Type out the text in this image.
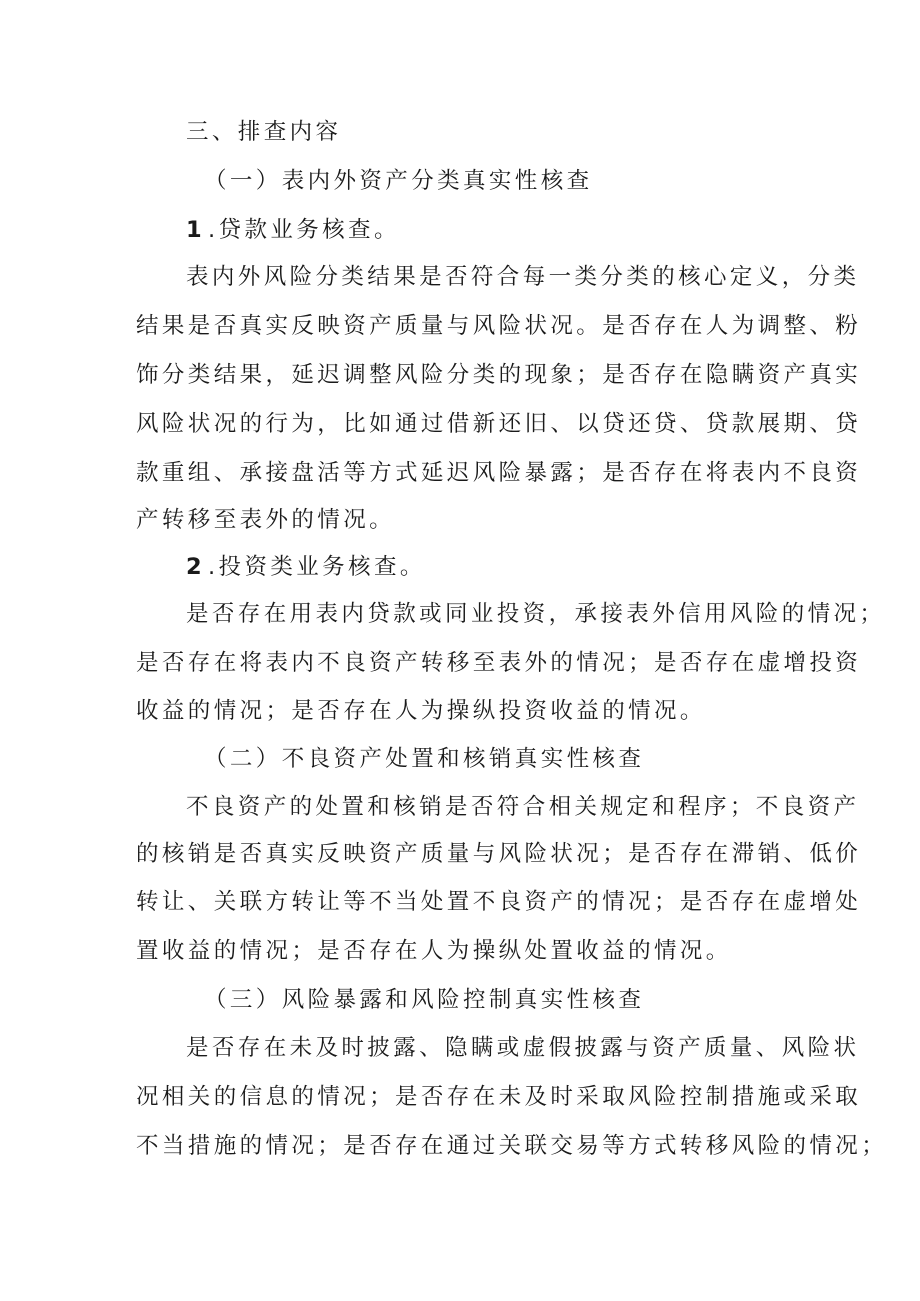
三、排查内容
（一）表内外资产分类真实性核查
1 .贷款业务核查。
表内外风险分类结果是否符合每一类分类的核心定义，分类
结果是否真实反映资产质量与风险状况。是否存在人为调整、粉
饰分类结果，延迟调整风险分类的现象；是否存在隐瞒资产真实
风险状况的行为，比如通过借新还旧、以贷还贷、贷款展期、贷
款重组、承接盘活等方式延迟风险暴露；是否存在将表内不良资
产转移至表外的情况。
2 .投资类业务核查。
是否存在用表内贷款或同业投资，承接表外信用风险的情况；
是否存在将表内不良资产转移至表外的情况；是否存在虚增投资
收益的情况；是否存在人为操纵投资收益的情况。
（二）不良资产处置和核销真实性核查
不良资产的处置和核销是否符合相关规定和程序；不良资产
的核销是否真实反映资产质量与风险状况；是否存在滞销、低价
转让、关联方转让等不当处置不良资产的情况；是否存在虚增处
置收益的情况；是否存在人为操纵处置收益的情况。
（三）风险暴露和风险控制真实性核查
是否存在未及时披露、隐瞒或虚假披露与资产质量、风险状
况相关的信息的情况；是否存在未及时采取风险控制措施或采取
不当措施的情况；是否存在通过关联交易等方式转移风险的情况；
